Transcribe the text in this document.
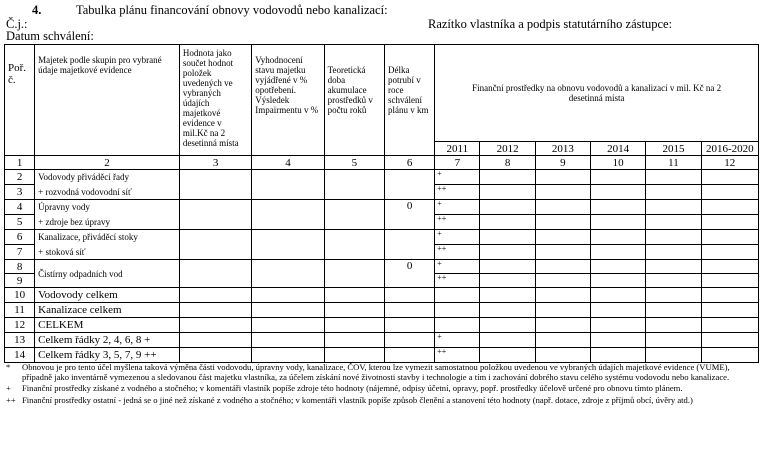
4.	Tabulka plánu financování obnovy vodovodů nebo kanalizací:
Č.j.:	Razítko vlastníka a podpis statutárního zástupce:
Datum schválení:
Poř. č.	Majetek podle skupin pro vybrané údaje majetkové evidence	Hodnota jako součet hodnot položek uvedených ve vybraných údajích majetkové evidence v mil.Kč na 2 desetinná místa	Vyhodnocení stavu majetku vyjádřené v % opotřebení. Výsledek Impairmentu v %	Teoretická doba akumulace prostředků v počtu roků	Délka potrubí v roce schválení plánu v km	Finanční prostředky na obnovu vodovodů a kanalizací v mil. Kč na 2 desetinná místa					
						2011	2012	2013	2014	2015	2016-2020
1	2	3	4	5	6	7	8	9	10	11	12
2	Vodovody přiváděcí řady					+					
3	+ rozvodná vodovodní síť					++					
4	Úpravny vody				0	+					
5	+ zdroje bez úpravy					++					
6	Kanalizace, přiváděcí stoky					+					
7	+ stoková síť					++					
8	Čistírny odpadních vod				0	+					
9						++					
10	Vodovody celkem										
11	Kanalizace celkem										
12	CELKEM										
13	Celkem řádky 2, 4, 6, 8 +					+					
14	Celkem řádky 3, 5, 7, 9 ++					++					
*	Obnovou je pro tento účel myšlena taková výměna části vodovodu, úpravny vody, kanalizace, ČOV, kterou lze vymezit samostatnou položkou uvedenou ve vybraných údajích majetkové evidence (VUME), případně jako inventárně vymezenou a sledovanou část majetku vlastníka, za účelem získání nové životnosti stavby i technologie a tím i zachování dobrého stavu celého systému vodovodu nebo kanalizace.
+	Finanční prostředky získané z vodného a stočného; v komentáři vlastník popíše zdroje této hodnoty (nájemné, odpisy účetní, opravy, popř. prostředky účelově určené pro obnovu tímto plánem.
++ Finanční prostředky ostatní - jedná se o jiné než získané z vodného a stočného; v komentáři vlastník popíše způsob členění a stanovení této hodnoty (např. dotace, zdroje z příjmů obcí, úvěry atd.)
